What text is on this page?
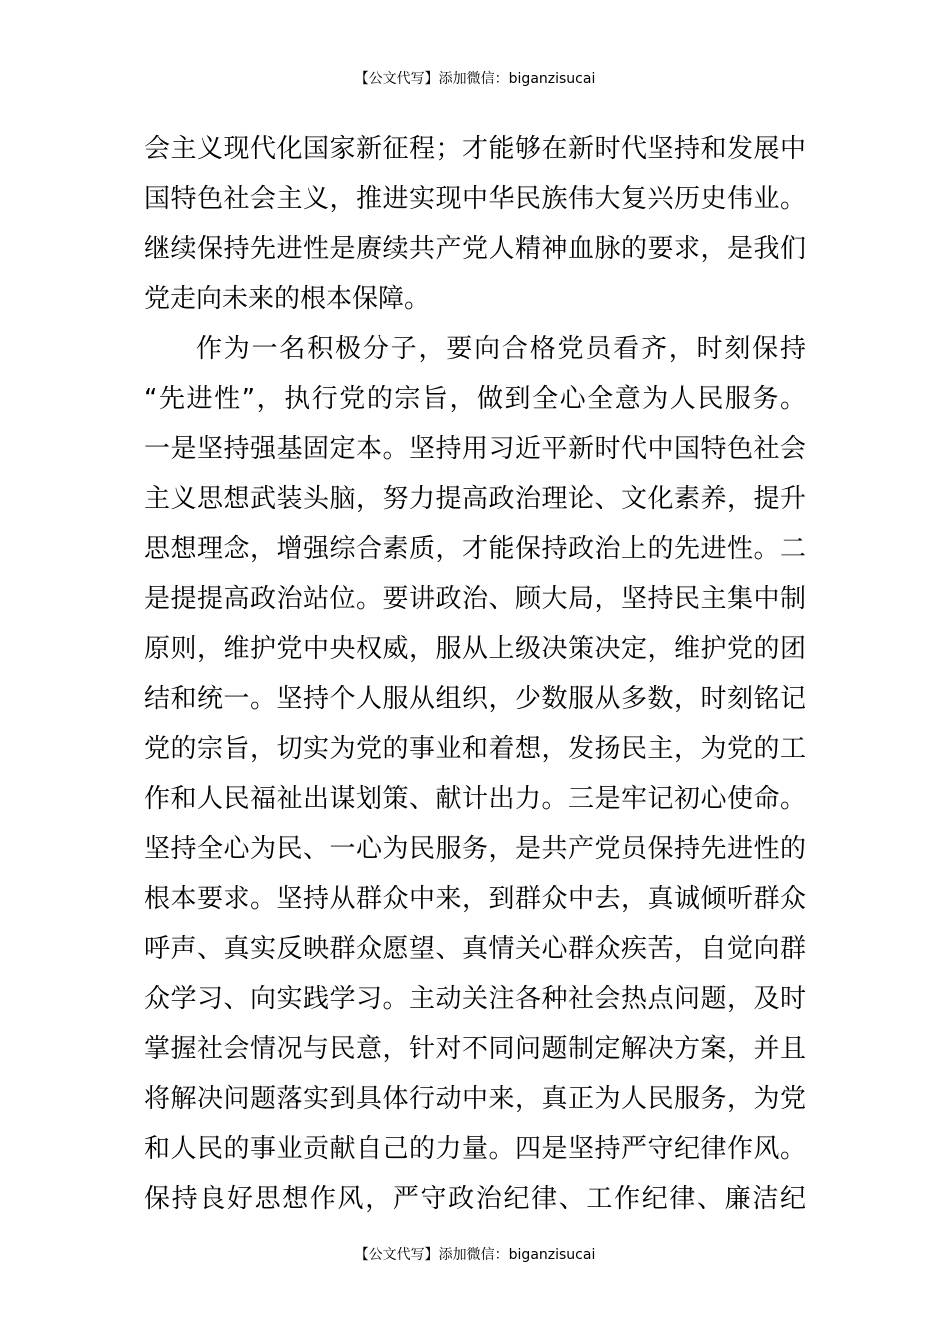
【公文代写】添加微信：biganzisucai
会主义现代化国家新征程；才能够在新时代坚持和发展中
国特色社会主义，推进实现中华民族伟大复兴历史伟业。
继续保持先进性是赓续共产党人精神血脉的要求，是我们
党走向未来的根本保障。
作为一名积极分子，要向合格党员看齐，时刻保持
“先进性”，执行党的宗旨，做到全心全意为人民服务。
一是坚持强基固定本。坚持用习近平新时代中国特色社会
主义思想武装头脑，努力提高政治理论、文化素养，提升
思想理念，增强综合素质，才能保持政治上的先进性。二
是提提高政治站位。要讲政治、顾大局，坚持民主集中制
原则，维护党中央权威，服从上级决策决定，维护党的团
结和统一。坚持个人服从组织，少数服从多数，时刻铭记
党的宗旨，切实为党的事业和着想，发扬民主，为党的工
作和人民福祉出谋划策、献计出力。三是牢记初心使命。
坚持全心为民、一心为民服务，是共产党员保持先进性的
根本要求。坚持从群众中来，到群众中去，真诚倾听群众
呼声、真实反映群众愿望、真情关心群众疾苦，自觉向群
众学习、向实践学习。主动关注各种社会热点问题，及时
掌握社会情况与民意，针对不同问题制定解决方案，并且
将解决问题落实到具体行动中来，真正为人民服务，为党
和人民的事业贡献自己的力量。四是坚持严守纪律作风。
保持良好思想作风，严守政治纪律、工作纪律、廉洁纪
【公文代写】添加微信：biganzisucai
